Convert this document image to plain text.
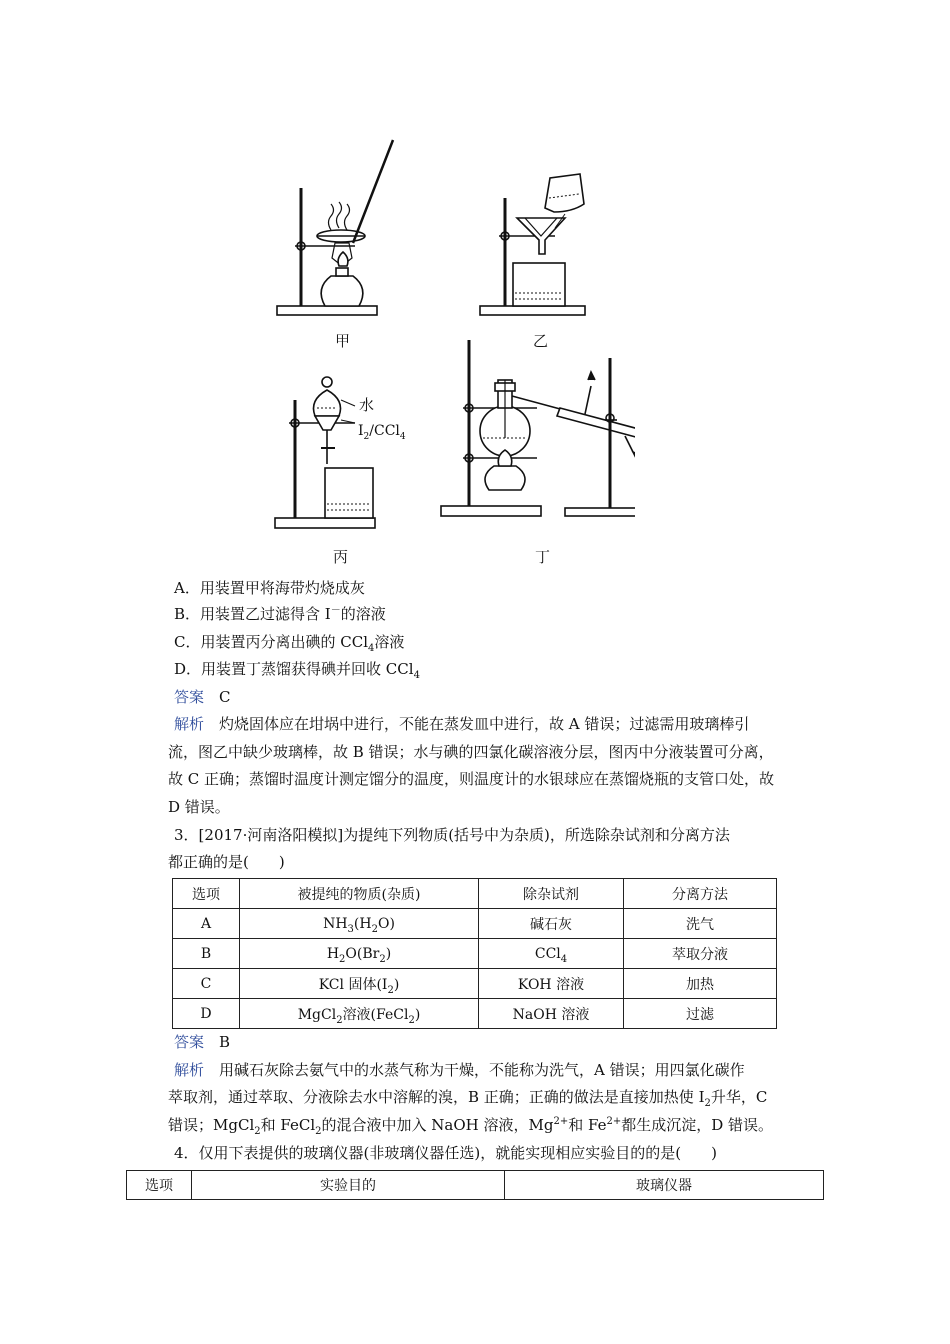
甲	乙
水
$I_2/CCl_4$
丙	丁
A．用装置甲将海带灼烧成灰
B．用装置乙过滤得含 I－的溶液
C．用装置丙分离出碘的 CCl$_4$溶液
D．用装置丁蒸馏获得碘并回收 CCl$_4$
答案　 C
解析　 灼烧固体应在坩埚中进行，不能在蒸发皿中进行，故 A 错误；过滤需用玻璃棒引
流，图乙中缺少玻璃棒，故 B 错误；水与碘的四氯化碳溶液分层，图丙中分液装置可分离，
故 C 正确；蒸馏时温度计测定馏分的温度，则温度计的水银球应在蒸馏烧瓶的支管口处，故
D 错误。
3．[2017·河南洛阳模拟]为提纯下列物质(括号中为杂质)，所选除杂试剂和分离方法
都正确的是(　　)
选项	被提纯的物质(杂质)	除杂试剂	分离方法
A	$NH_3(H_2O)$	碱石灰	洗气
B	$H_2O(Br_2)$	CCl$_4$	萃取分液
C	KCl 固体$(I_2)$	KOH 溶液	加热
D	MgCl$_2$溶液(FeCl$_2$)	NaOH 溶液	过滤
答案　 B
解析　 用碱石灰除去氨气中的水蒸气称为干燥，不能称为洗气，A 错误；用四氯化碳作
萃取剂，通过萃取、分液除去水中溶解的溴，B 正确；正确的做法是直接加热使 $I_2$升华，C
错误；MgCl$_2$和 FeCl$_2$的混合液中加入 NaOH 溶液，$Mg^{2+}$和 $Fe^{2+}$都生成沉淀，D 错误。
4．仅用下表提供的玻璃仪器(非玻璃仪器任选)，就能实现相应实验目的的是(　　)
选项	实验目的	玻璃仪器
